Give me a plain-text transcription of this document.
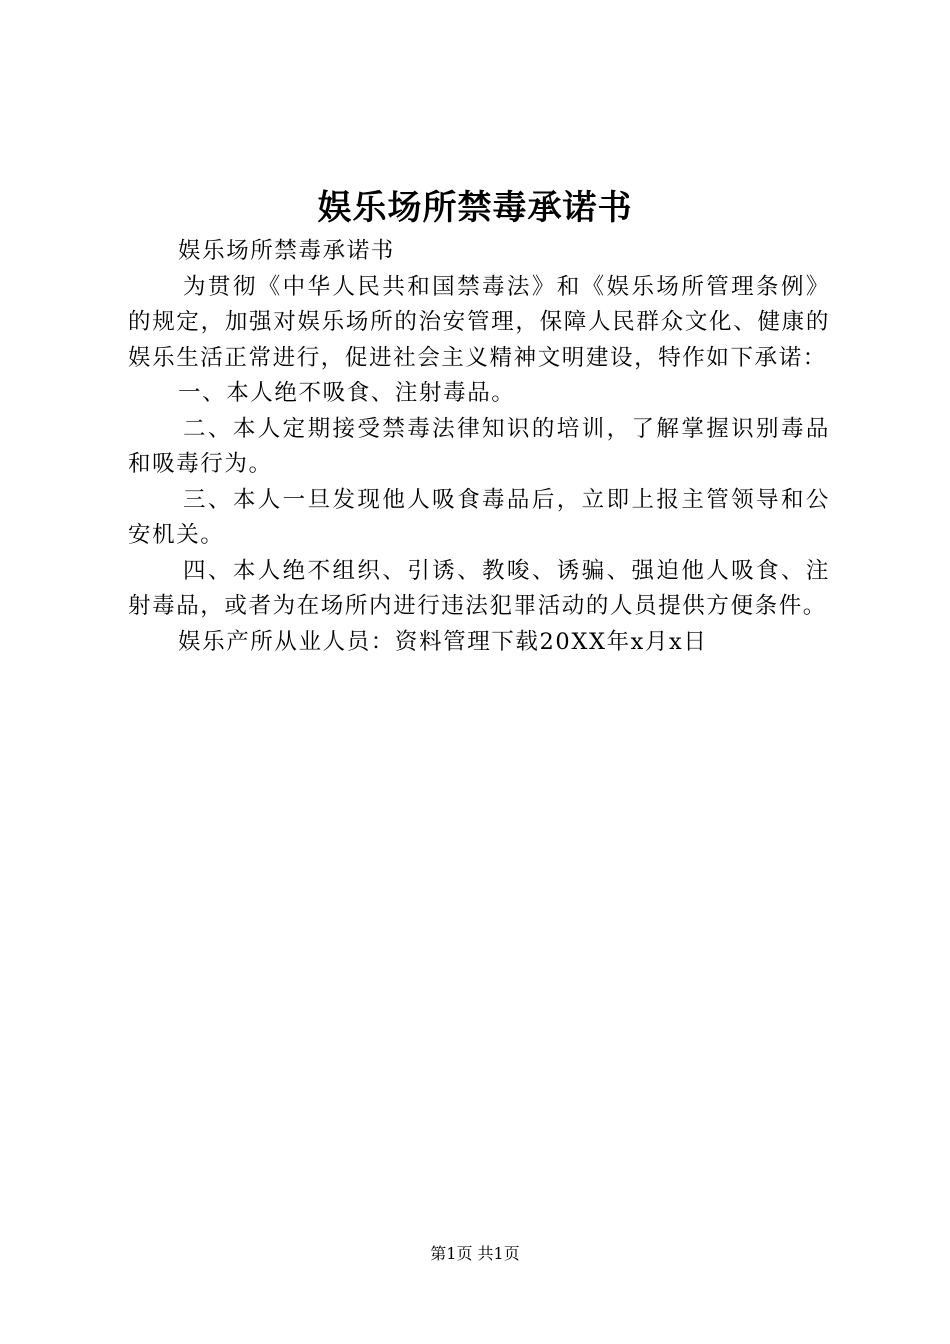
娱乐场所禁毒承诺书

娱乐场所禁毒承诺书

为贯彻《中华人民共和国禁毒法》和《娱乐场所管理条例》的规定，加强对娱乐场所的治安管理，保障人民群众文化、健康的娱乐生活正常进行，促进社会主义精神文明建设，特作如下承诺：

一、本人绝不吸食、注射毒品。

二、本人定期接受禁毒法律知识的培训，了解掌握识别毒品和吸毒行为。

三、本人一旦发现他人吸食毒品后，立即上报主管领导和公安机关。

四、本人绝不组织、引诱、教唆、诱骗、强迫他人吸食、注射毒品，或者为在场所内进行违法犯罪活动的人员提供方便条件。

娱乐产所从业人员：资料管理下载20XX年x月x日

第1页 共1页
